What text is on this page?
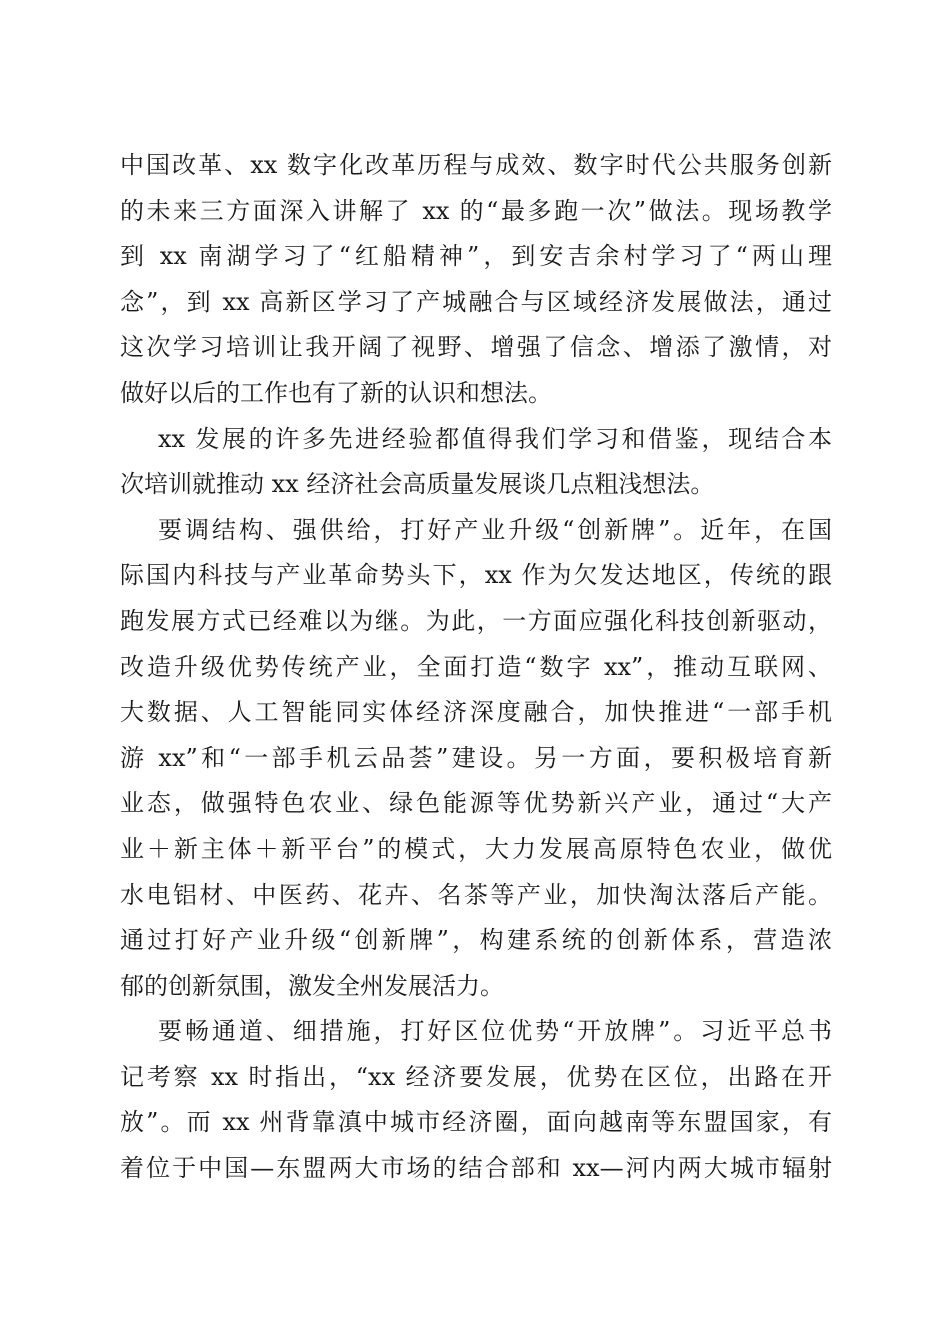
中国改革、xx 数字化改革历程与成效、数字时代公共服务创新
的未来三方面深入讲解了 xx 的“最多跑一次”做法。现场教学
到 xx 南湖学习了“红船精神”，到安吉余村学习了“两山理
念”，到 xx 高新区学习了产城融合与区域经济发展做法，通过
这次学习培训让我开阔了视野、增强了信念、增添了激情，对
做好以后的工作也有了新的认识和想法。
xx 发展的许多先进经验都值得我们学习和借鉴，现结合本
次培训就推动 xx 经济社会高质量发展谈几点粗浅想法。
要调结构、强供给，打好产业升级“创新牌”。近年，在国
际国内科技与产业革命势头下，xx 作为欠发达地区，传统的跟
跑发展方式已经难以为继。为此，一方面应强化科技创新驱动，
改造升级优势传统产业，全面打造“数字 xx”，推动互联网、
大数据、人工智能同实体经济深度融合，加快推进“一部手机
游 xx”和“一部手机云品荟”建设。另一方面，要积极培育新
业态，做强特色农业、绿色能源等优势新兴产业，通过“大产
业＋新主体＋新平台”的模式，大力发展高原特色农业，做优
水电铝材、中医药、花卉、名茶等产业，加快淘汰落后产能。
通过打好产业升级“创新牌”，构建系统的创新体系，营造浓
郁的创新氛围，激发全州发展活力。
要畅通道、细措施，打好区位优势“开放牌”。习近平总书
记考察 xx 时指出，“xx 经济要发展，优势在区位，出路在开
放”。而 xx 州背靠滇中城市经济圈，面向越南等东盟国家，有
着位于中国—东盟两大市场的结合部和 xx—河内两大城市辐射
